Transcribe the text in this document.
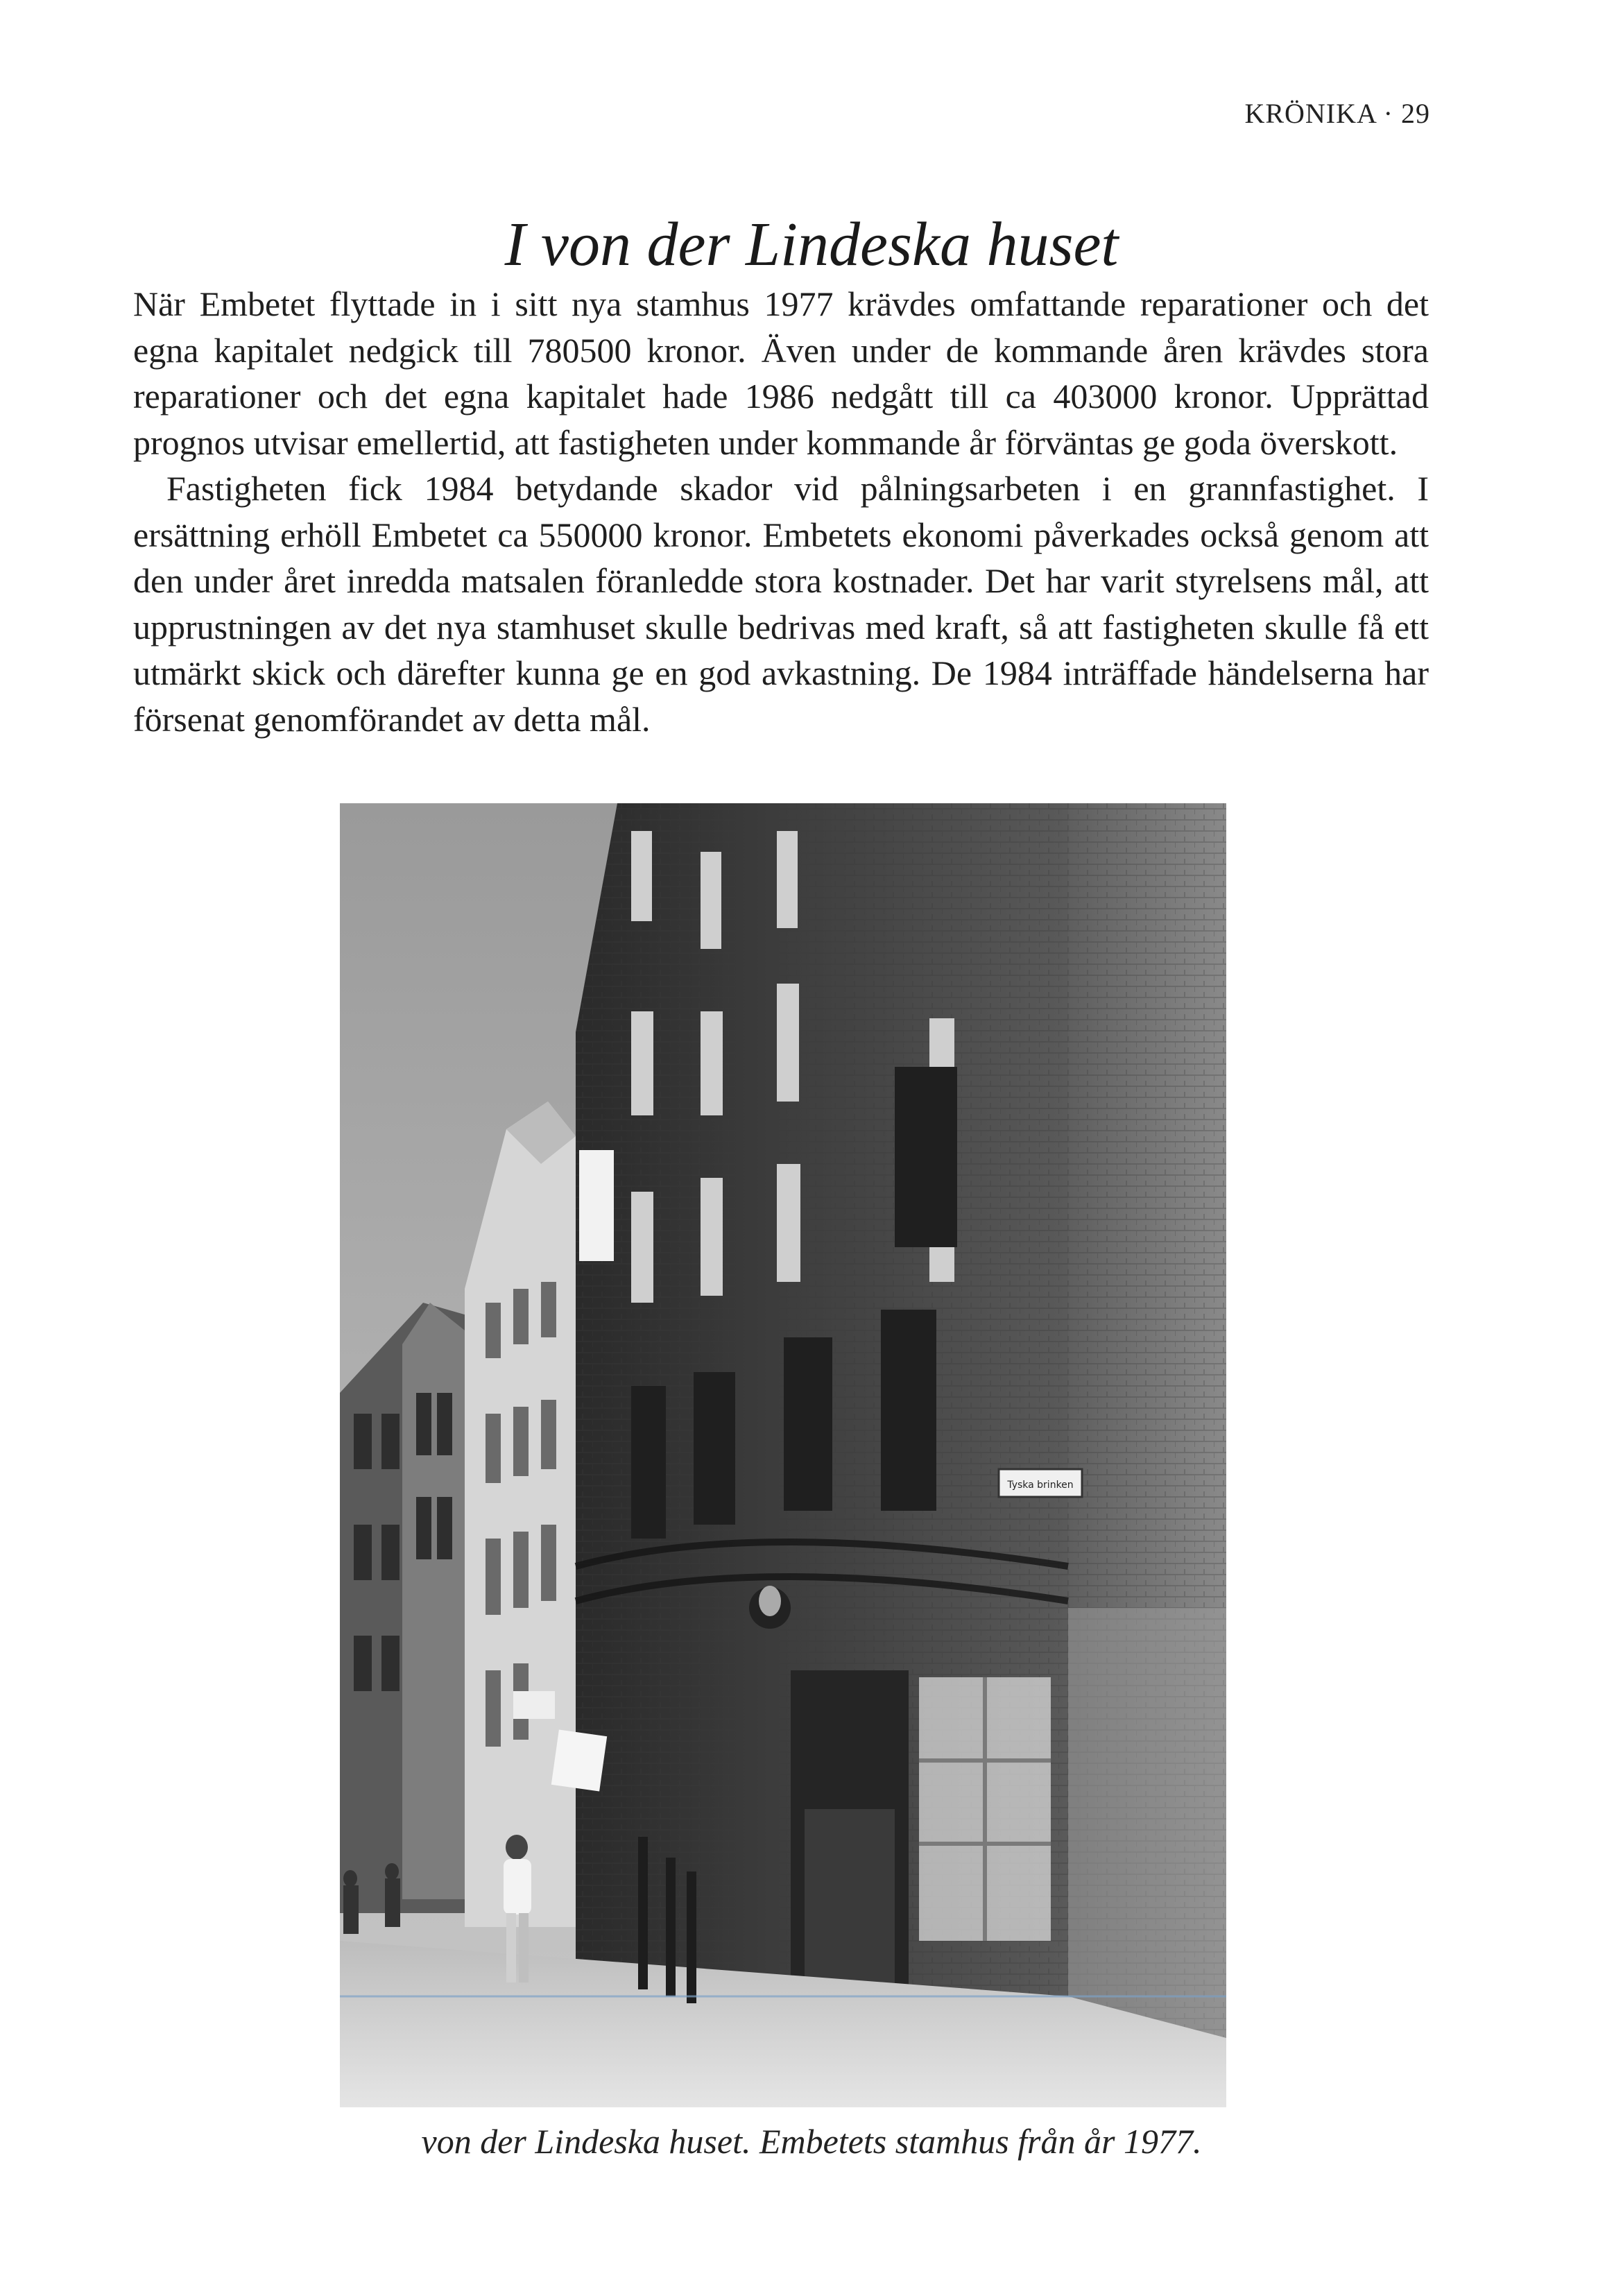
KRÖNIKA · 29
I von der Lindeska huset

När Embetet flyttade in i sitt nya stamhus 1977 krävdes omfattande reparationer och det egna kapitalet nedgick till 780500 kronor. Även under de kommande åren krävdes stora reparationer och det egna kapitalet hade 1986 nedgått till ca 403000 kronor. Upprättad prognos utvisar emellertid, att fastigheten under kommande år förväntas ge goda överskott.

Fastigheten fick 1984 betydande skador vid pålningsarbeten i en grannfastighet. I ersättning erhöll Embetet ca 550000 kronor. Embetets ekonomi påverkades också genom att den under året inredda matsalen föranledde stora kostnader. Det har varit styrelsens mål, att upprustningen av det nya stamhuset skulle bedrivas med kraft, så att fastigheten skulle få ett utmärkt skick och därefter kunna ge en god avkastning. De 1984 inträffade händelserna har försenat genomförandet av detta mål.

Tyska brinken
von der Lindeska huset. Embetets stamhus från år 1977.
